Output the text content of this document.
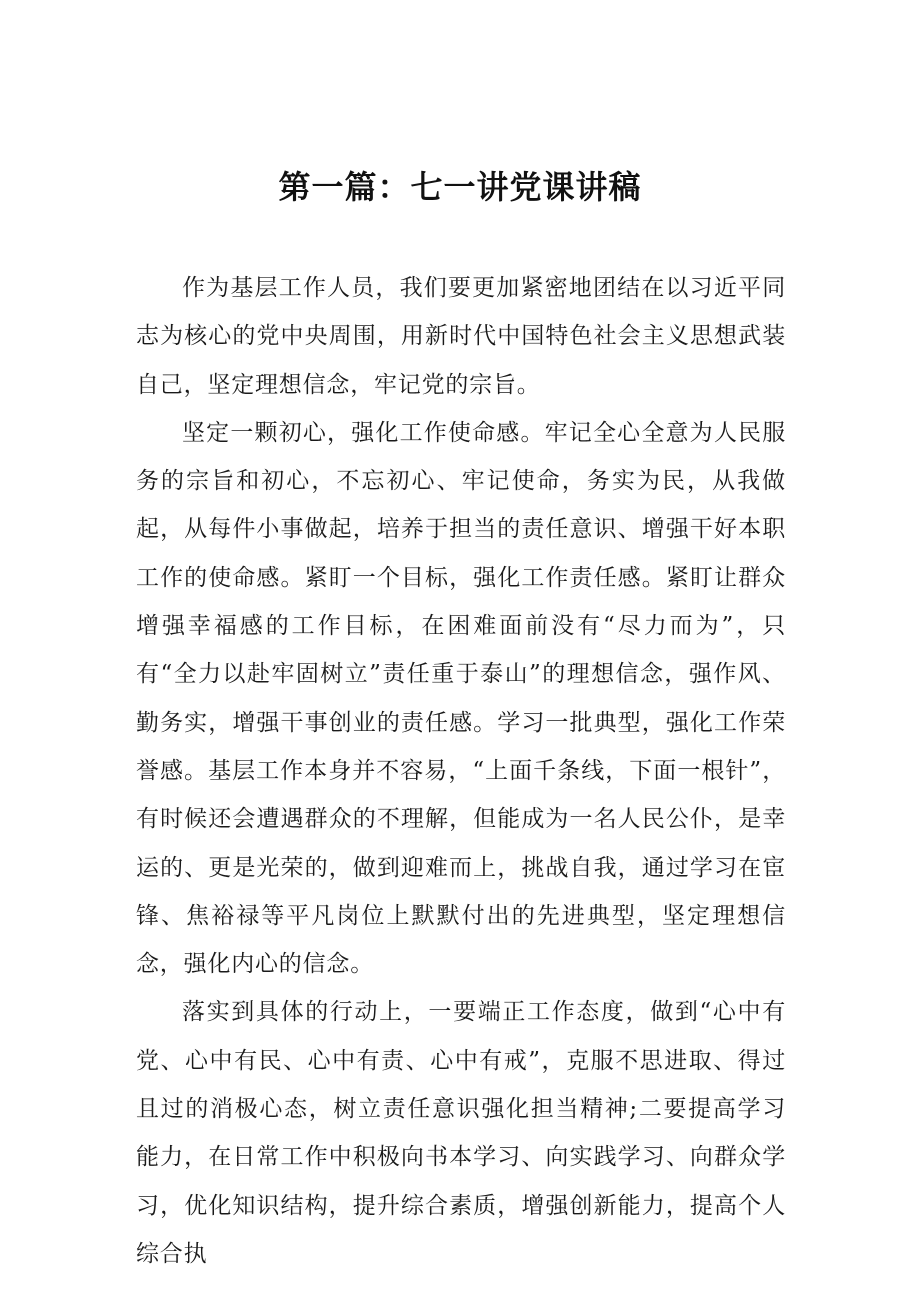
第一篇：七一讲党课讲稿

作为基层工作人员，我们要更加紧密地团结在以习近平同志为核心的党中央周围，用新时代中国特色社会主义思想武装自己，坚定理想信念，牢记党的宗旨。

坚定一颗初心，强化工作使命感。牢记全心全意为人民服务的宗旨和初心，不忘初心、牢记使命，务实为民，从我做起，从每件小事做起，培养于担当的责任意识、增强干好本职工作的使命感。紧盯一个目标，强化工作责任感。紧盯让群众增强幸福感的工作目标，在困难面前没有“尽力而为”，只有“全力以赴牢固树立”责任重于泰山”的理想信念，强作风、勤务实，增强干事创业的责任感。学习一批典型，强化工作荣誉感。基层工作本身并不容易，“上面千条线，下面一根针”，有时候还会遭遇群众的不理解，但能成为一名人民公仆，是幸运的、更是光荣的，做到迎难而上，挑战自我，通过学习在宦锋、焦裕禄等平凡岗位上默默付出的先进典型，坚定理想信念，强化内心的信念。

落实到具体的行动上，一要端正工作态度，做到“心中有党、心中有民、心中有责、心中有戒”，克服不思进取、得过且过的消极心态，树立责任意识强化担当精神;二要提高学习能力，在日常工作中积极向书本学习、向实践学习、向群众学习，优化知识结构，提升综合素质，增强创新能力，提高个人综合执
